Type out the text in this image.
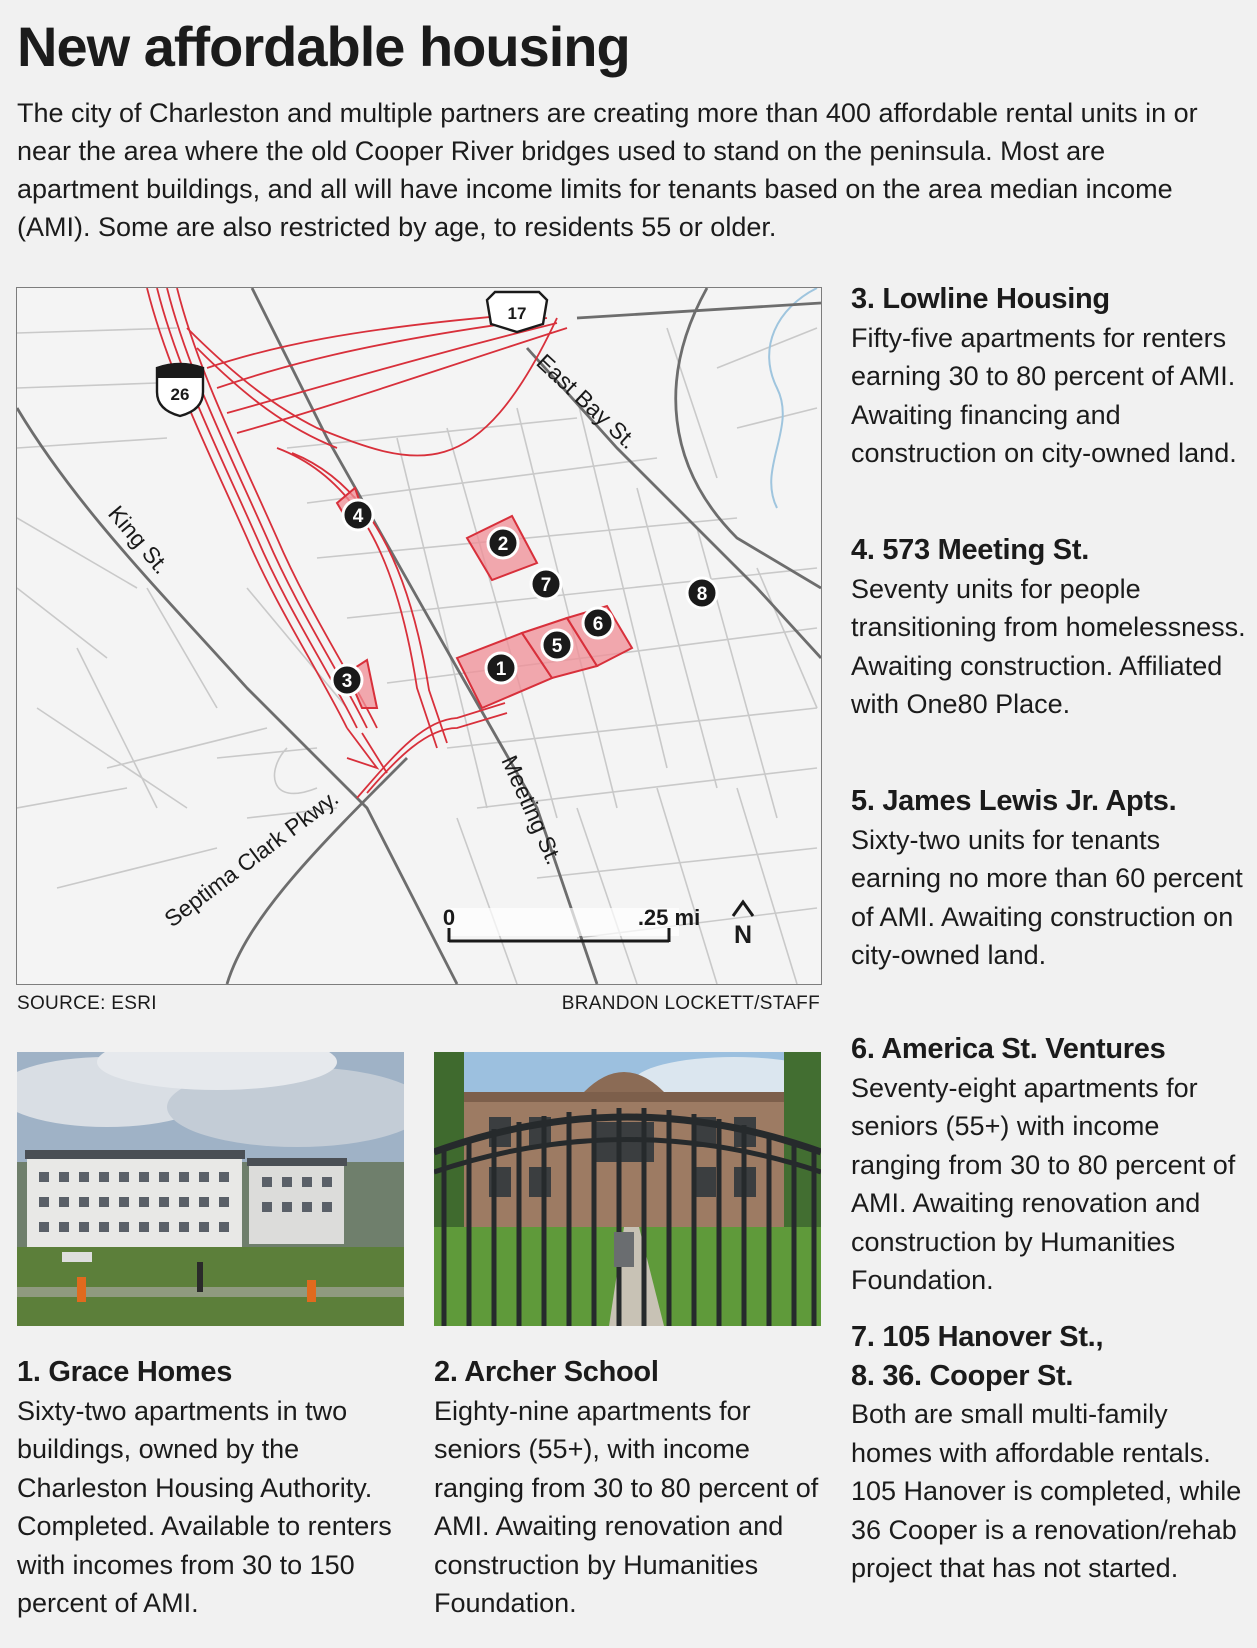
New affordable housing

The city of Charleston and multiple partners are creating more than 400 affordable rental units in or near the area where the old Cooper River bridges used to stand on the peninsula. Most are apartment buildings, and all will have income limits for tenants based on the area median income (AMI). Some are also restricted by age, to residents 55 or older.

17
26	East Bay St.
King St.
Meeting St.
Septima Clark Pkwy.
1
2
3
4
5
6
7	8
0	.25 mi
N
SOURCE: ESRI	BRANDON LOCKETT/STAFF
1. Grace Homes

Sixty-two apartments in two buildings, owned by the Charleston Housing Authority. Completed. Available to renters with incomes from 30 to 150 percent of AMI.

2. Archer School

Eighty-nine apartments for seniors (55+), with income ranging from 30 to 80 percent of AMI. Awaiting renovation and construction by Humanities Foundation.

3. Lowline Housing

Fifty-five apartments for renters earning 30 to 80 percent of AMI. Awaiting financing and construction on city-owned land.

4. 573 Meeting St.

Seventy units for people transitioning from homelessness. Awaiting construction. Affiliated with One80 Place.

5. James Lewis Jr. Apts.

Sixty-two units for tenants earning no more than 60 percent of AMI. Awaiting construction on city-owned land.

6. America St. Ventures

Seventy-eight apartments for seniors (55+) with income ranging from 30 to 80 percent of AMI. Awaiting renovation and construction by Humanities Foundation.

7. 105 Hanover St.,
8. 36. Cooper St.

Both are small multi-family homes with affordable rentals. 105 Hanover is completed, while 36 Cooper is a renovation/rehab project that has not started.
